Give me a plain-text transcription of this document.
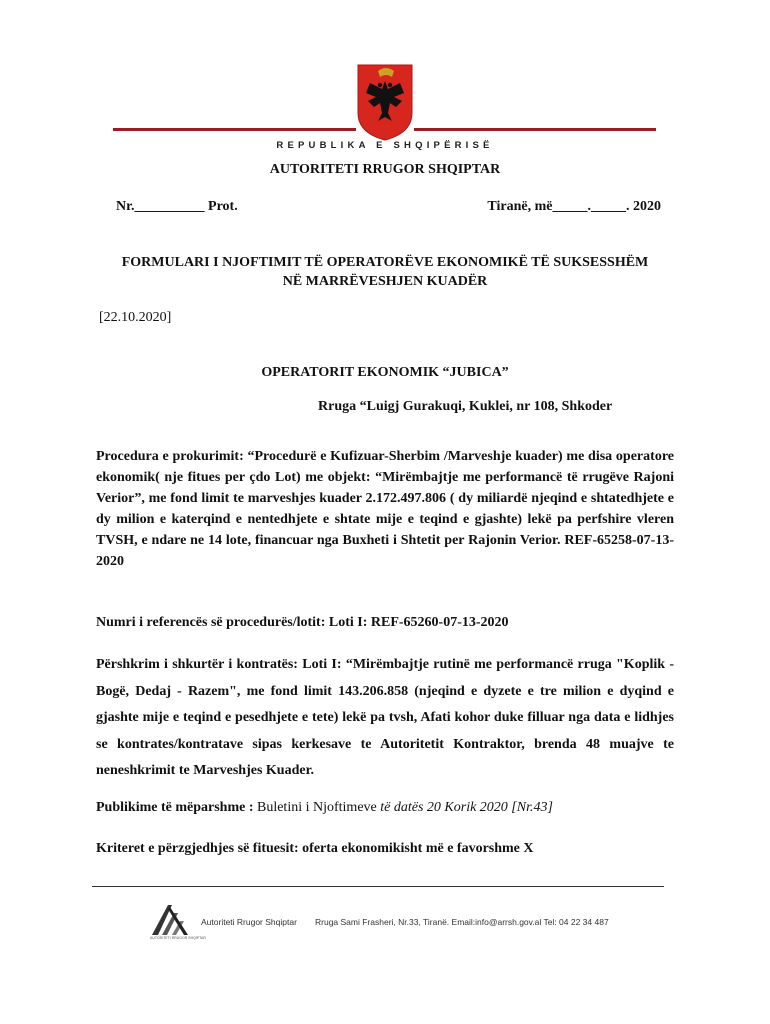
REPUBLIKA E SHQIPËRISË
AUTORITETI RRUGOR SHQIPTAR
Nr.__________ Prot.	Tiranë, më_____._____. 2020
FORMULARI I NJOFTIMIT TË OPERATORËVE EKONOMIKË TË SUKSESSHËM
NË MARRËVESHJEN KUADËR
[22.10.2020]
OPERATORIT EKONOMIK “JUBICA”
Rruga “Luigj Gurakuqi, Kuklei, nr 108, Shkoder
Procedura e prokurimit: “Procedurë e Kufizuar-Sherbim /Marveshje kuader) me disa operatore ekonomik( nje fitues per çdo Lot) me objekt: “Mirëmbajtje me performancë të rrugëve Rajoni Verior”, me fond limit te marveshjes kuader 2.172.497.806 ( dy miliardë njeqind e shtatedhjete e dy milion e katerqind e nentedhjete e shtate mije e teqind e gjashte) lekë pa perfshire vleren TVSH, e ndare ne 14 lote, financuar nga Buxheti i Shtetit per Rajonin Verior. REF-65258-07-13-2020
Numri i referencës së procedurës/lotit: Loti I: REF-65260-07-13-2020
Përshkrim i shkurtër i kontratës: Loti I: “Mirëmbajtje rutinë me performancë rruga "Koplik - Bogë, Dedaj - Razem", me fond limit 143.206.858 (njeqind e dyzete e tre milion e dyqind e gjashte mije e teqind e pesedhjete e tete) lekë pa tvsh, Afati kohor duke filluar nga data e lidhjes se kontrates/kontratave sipas kerkesave te Autoritetit Kontraktor, brenda 48 muajve te neneshkrimit te Marveshjes Kuader.
Publikime të mëparshme : Buletini i Njoftimeve të datës 20 Korik 2020 [Nr.43]
Kriteret e përzgjedhjes së fituesit: oferta ekonomikisht më e favorshme X
AUTORITETI RRUGOR SHQIPTAR
Autoriteti Rrugor Shqiptar Rruga Sami Frasheri, Nr.33, Tiranë. Email:info@arrsh.gov.al Tel: 04 22 34 487
